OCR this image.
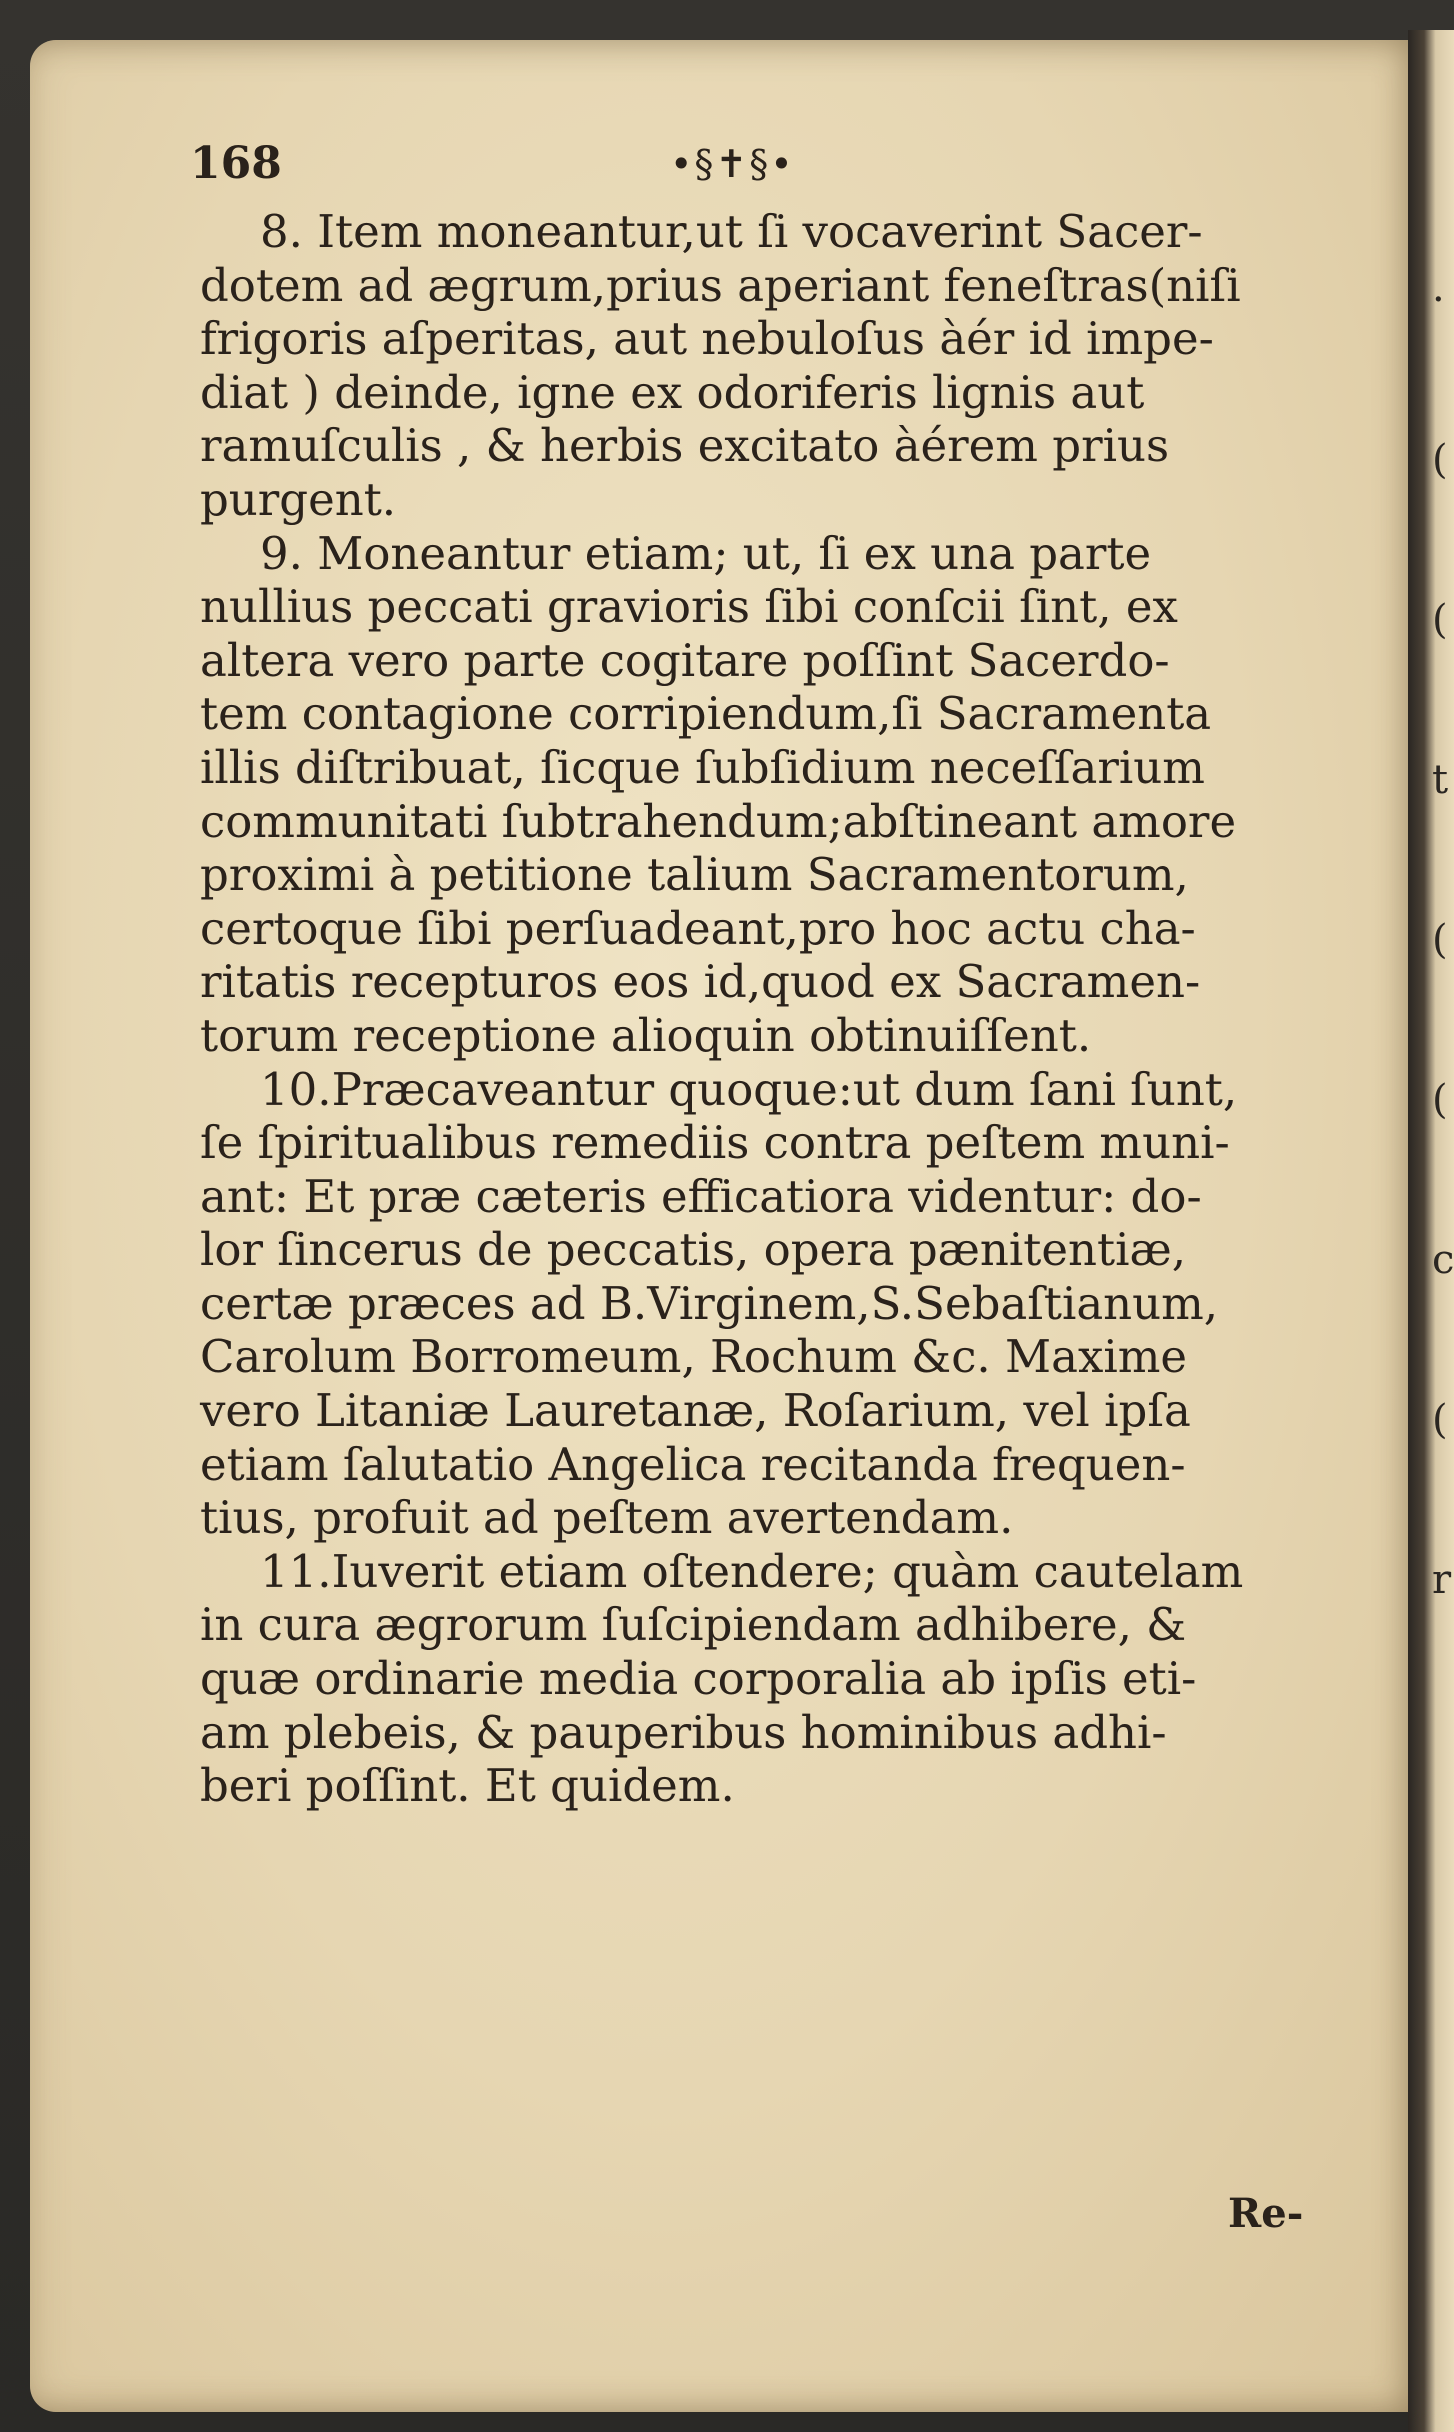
·
(
(
t
(
(
c
(
r
168	•§✝§•

8. Item moneantur,ut ſi vocaverint Sacer-
dotem ad ægrum,prius aperiant feneſtras(niſi
frigoris aſperitas, aut nebuloſus àér id impe-
diat ) deinde, igne ex odoriferis lignis aut
ramuſculis , & herbis excitato àérem prius
purgent.

9. Moneantur etiam; ut, ſi ex una parte
nullius peccati gravioris ſibi conſcii ſint, ex
altera vero parte cogitare poſſint Sacerdo-
tem contagione corripiendum,ſi Sacramenta
illis diſtribuat, ſicque ſubſidium neceſſarium
communitati ſubtrahendum;abſtineant amore
proximi à petitione talium Sacramentorum,
certoque ſibi perſuadeant,pro hoc actu cha-
ritatis recepturos eos id,quod ex Sacramen-
torum receptione alioquin obtinuiſſent.

10.Præcaveantur quoque:ut dum ſani ſunt,
ſe ſpiritualibus remediis contra peſtem muni-
ant: Et præ cæteris efficatiora videntur: do-
lor ſincerus de peccatis, opera pænitentiæ,
certæ præces ad B.Virginem,S.Sebaſtianum,
Carolum Borromeum, Rochum &c. Maxime
vero Litaniæ Lauretanæ, Roſarium, vel ipſa
etiam ſalutatio Angelica recitanda frequen-
tius, profuit ad peſtem avertendam.

11.Iuverit etiam oſtendere; quàm cautelam
in cura ægrorum ſuſcipiendam adhibere, &
quæ ordinarie media corporalia ab ipſis eti-
am plebeis, & pauperibus hominibus adhi-
beri poſſint. Et quidem.

Re-
